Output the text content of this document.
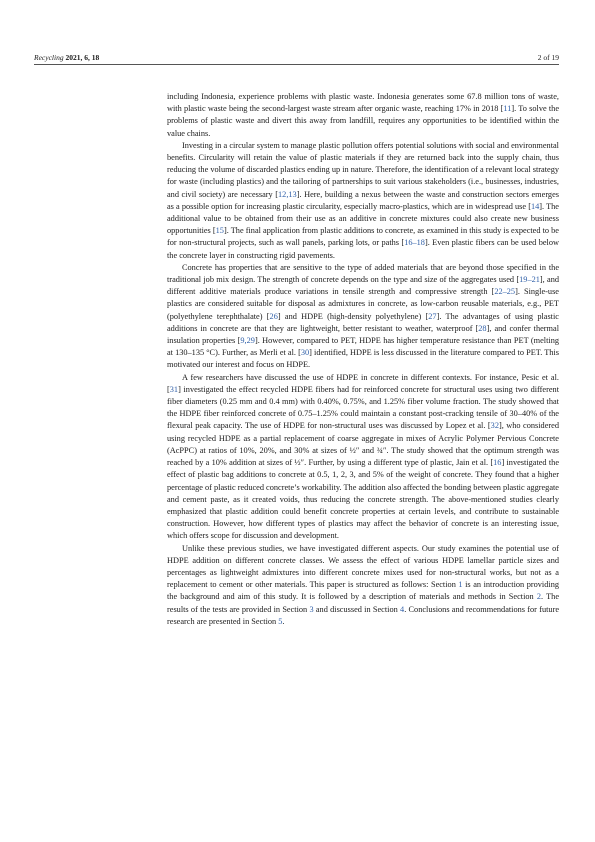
Recycling 2021, 6, 18	2 of 19

including Indonesia, experience problems with plastic waste. Indonesia generates some 67.8 million tons of waste, with plastic waste being the second-largest waste stream after organic waste, reaching 17% in 2018 [11]. To solve the problems of plastic waste and divert this away from landfill, requires any opportunities to be identified within the value chains.

Investing in a circular system to manage plastic pollution offers potential solutions with social and environmental benefits. Circularity will retain the value of plastic materials if they are returned back into the supply chain, thus reducing the volume of discarded plastics ending up in nature. Therefore, the identification of a relevant local strategy for waste (including plastics) and the tailoring of partnerships to suit various stakeholders (i.e., businesses, industries, and civil society) are necessary [12,13]. Here, building a nexus between the waste and construction sectors emerges as a possible option for increasing plastic circularity, especially macro-plastics, which are in widespread use [14]. The additional value to be obtained from their use as an additive in concrete mixtures could also create new business opportunities [15]. The final application from plastic additions to concrete, as examined in this study is expected to be for non-structural projects, such as wall panels, parking lots, or paths [16–18]. Even plastic fibers can be used below the concrete layer in constructing rigid pavements.

Concrete has properties that are sensitive to the type of added materials that are beyond those specified in the traditional job mix design. The strength of concrete depends on the type and size of the aggregates used [19–21], and different additive materials produce variations in tensile strength and compressive strength [22–25]. Single-use plastics are considered suitable for disposal as admixtures in concrete, as low-carbon reusable materials, e.g., PET (polyethylene terephthalate) [26] and HDPE (high-density polyethylene) [27]. The advantages of using plastic additions in concrete are that they are lightweight, better resistant to weather, waterproof [28], and confer thermal insulation properties [9,29]. However, compared to PET, HDPE has higher temperature resistance than PET (melting at 130–135 °C). Further, as Merli et al. [30] identified, HDPE is less discussed in the literature compared to PET. This motivated our interest and focus on HDPE.

A few researchers have discussed the use of HDPE in concrete in different contexts. For instance, Pesic et al. [31] investigated the effect recycled HDPE fibers had for reinforced concrete for structural uses using two different fiber diameters (0.25 mm and 0.4 mm) with 0.40%, 0.75%, and 1.25% fiber volume fraction. The study showed that the HDPE fiber reinforced concrete of 0.75–1.25% could maintain a constant post-cracking tensile of 30–40% of the flexural peak capacity. The use of HDPE for non-structural uses was discussed by Lopez et al. [32], who considered using recycled HDPE as a partial replacement of coarse aggregate in mixes of Acrylic Polymer Pervious Concrete (AcPPC) at ratios of 10%, 20%, and 30% at sizes of ½″ and ¾″. The study showed that the optimum strength was reached by a 10% addition at sizes of ½″. Further, by using a different type of plastic, Jain et al. [16] investigated the effect of plastic bag additions to concrete at 0.5, 1, 2, 3, and 5% of the weight of concrete. They found that a higher percentage of plastic reduced concrete’s workability. The addition also affected the bonding between plastic aggregate and cement paste, as it created voids, thus reducing the concrete strength. The above-mentioned studies clearly emphasized that plastic addition could benefit concrete properties at certain levels, and contribute to sustainable construction. However, how different types of plastics may affect the behavior of concrete is an interesting issue, which offers scope for discussion and development.

Unlike these previous studies, we have investigated different aspects. Our study examines the potential use of HDPE addition on different concrete classes. We assess the effect of various HDPE lamellar particle sizes and percentages as lightweight admixtures into different concrete mixes used for non-structural works, but not as a replacement to cement or other materials. This paper is structured as follows: Section 1 is an introduction providing the background and aim of this study. It is followed by a description of materials and methods in Section 2. The results of the tests are provided in Section 3 and discussed in Section 4. Conclusions and recommendations for future research are presented in Section 5.
